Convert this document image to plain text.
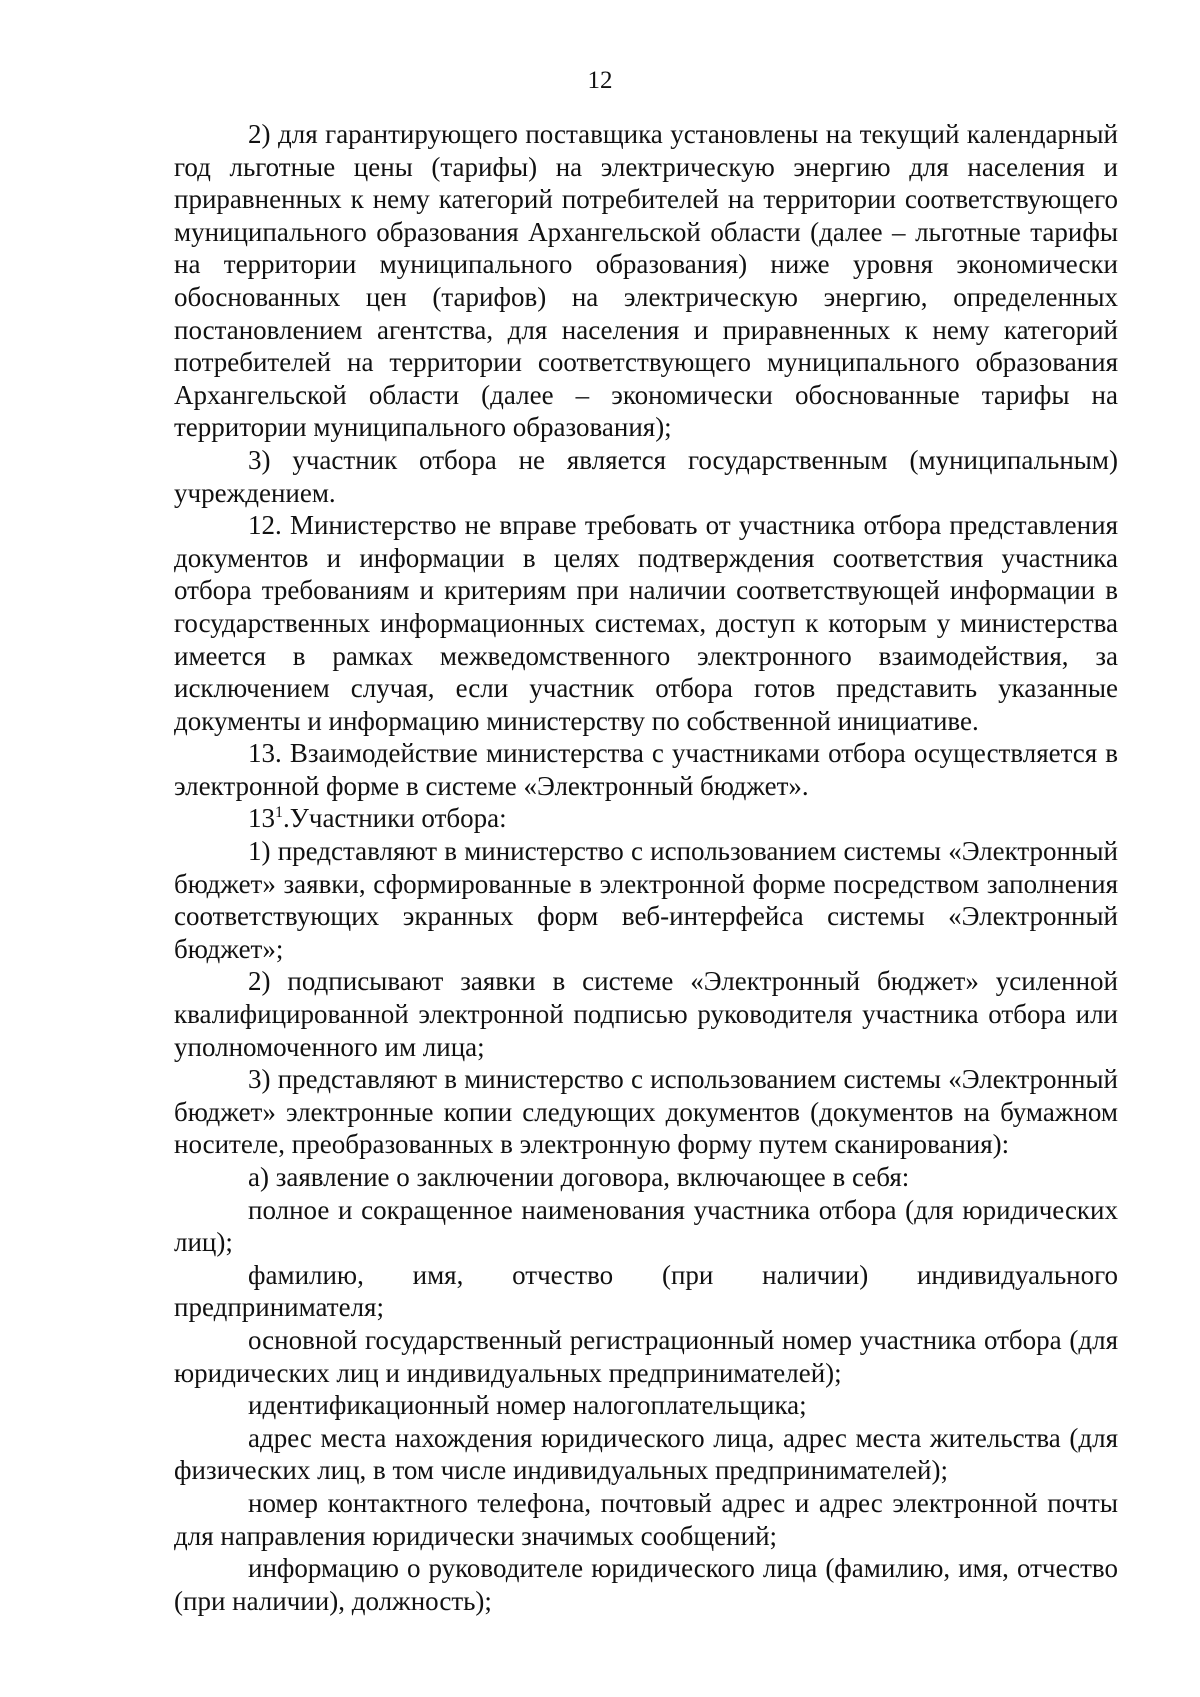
12

2) для гарантирующего поставщика установлены на текущий календарный год льготные цены (тарифы) на электрическую энергию для населения и приравненных к нему категорий потребителей на территории соответствующего муниципального образования Архангельской области (далее – льготные тарифы на территории муниципального образования) ниже уровня экономически обоснованных цен (тарифов) на электрическую энергию, определенных постановлением агентства, для населения и приравненных к нему категорий потребителей на территории соответствующего муниципального образования Архангельской области (далее – экономически обоснованные тарифы на территории муниципального образования);

3) участник отбора не является государственным (муниципальным) учреждением.

12. Министерство не вправе требовать от участника отбора представления документов и информации в целях подтверждения соответствия участника отбора требованиям и критериям при наличии соответствующей информации в государственных информационных системах, доступ к которым у министерства имеется в рамках межведомственного электронного взаимодействия, за исключением случая, если участник отбора готов представить указанные документы и информацию министерству по собственной инициативе.

13. Взаимодействие министерства с участниками отбора осуществляется в электронной форме в системе «Электронный бюджет».

$13^1.Участники$ отбора:

1) представляют в министерство с использованием системы «Электронный бюджет» заявки, сформированные в электронной форме посредством заполнения соответствующих экранных форм веб-интерфейса системы «Электронный бюджет»;

2) подписывают заявки в системе «Электронный бюджет» усиленной квалифицированной электронной подписью руководителя участника отбора или уполномоченного им лица;

3) представляют в министерство с использованием системы «Электронный бюджет» электронные копии следующих документов (документов на бумажном носителе, преобразованных в электронную форму путем сканирования):

а) заявление о заключении договора, включающее в себя:

полное и сокращенное наименования участника отбора (для юридических лиц);

фамилию, имя, отчество (при наличии) индивидуального предпринимателя;

основной государственный регистрационный номер участника отбора (для юридических лиц и индивидуальных предпринимателей);

идентификационный номер налогоплательщика;

адрес места нахождения юридического лица, адрес места жительства (для физических лиц, в том числе индивидуальных предпринимателей);

номер контактного телефона, почтовый адрес и адрес электронной почты для направления юридически значимых сообщений;

информацию о руководителе юридического лица (фамилию, имя, отчество (при наличии), должность);
